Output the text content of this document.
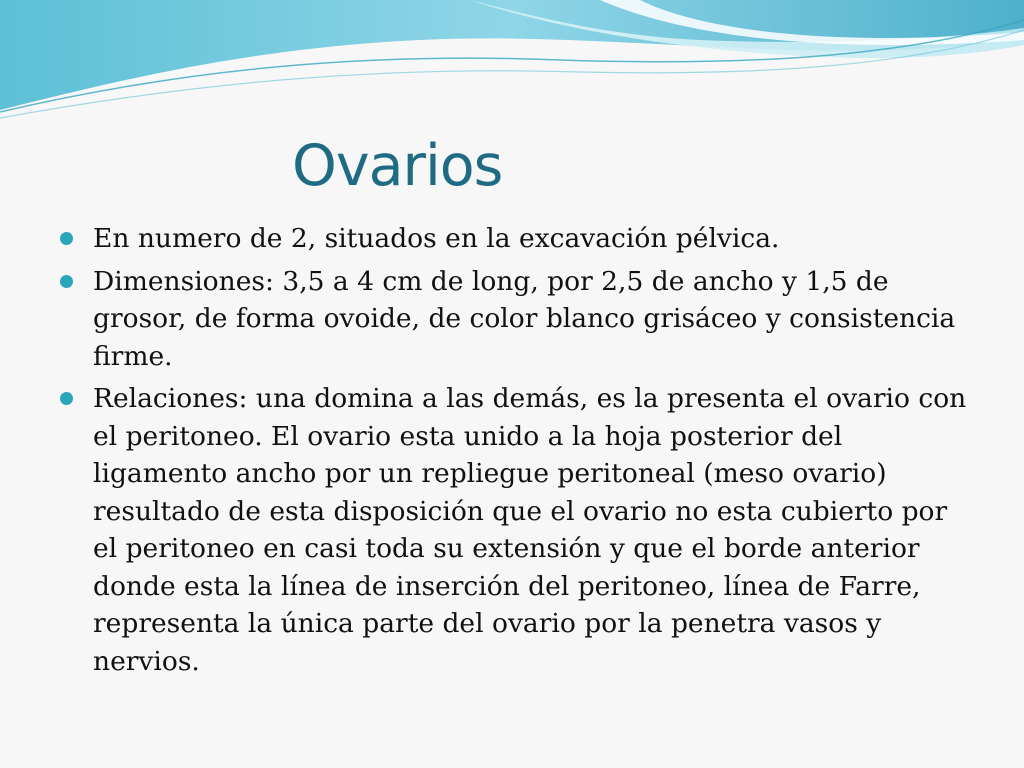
Ovarios
En numero de 2, situados en la excavación pélvica.
Dimensiones: 3,5 a 4 cm de long, por 2,5 de ancho y 1,5 de grosor, de forma ovoide, de color blanco grisáceo y consistencia firme.
Relaciones: una domina a las demás, es la presenta el ovario con el peritoneo. El ovario esta unido a la hoja posterior del ligamento ancho por un repliegue peritoneal (meso ovario) resultado de esta disposición que el ovario no esta cubierto por el peritoneo en casi toda su extensión y que el borde anterior donde esta la línea de inserción del peritoneo, línea de Farre, representa la única parte del ovario por la penetra vasos y nervios.
